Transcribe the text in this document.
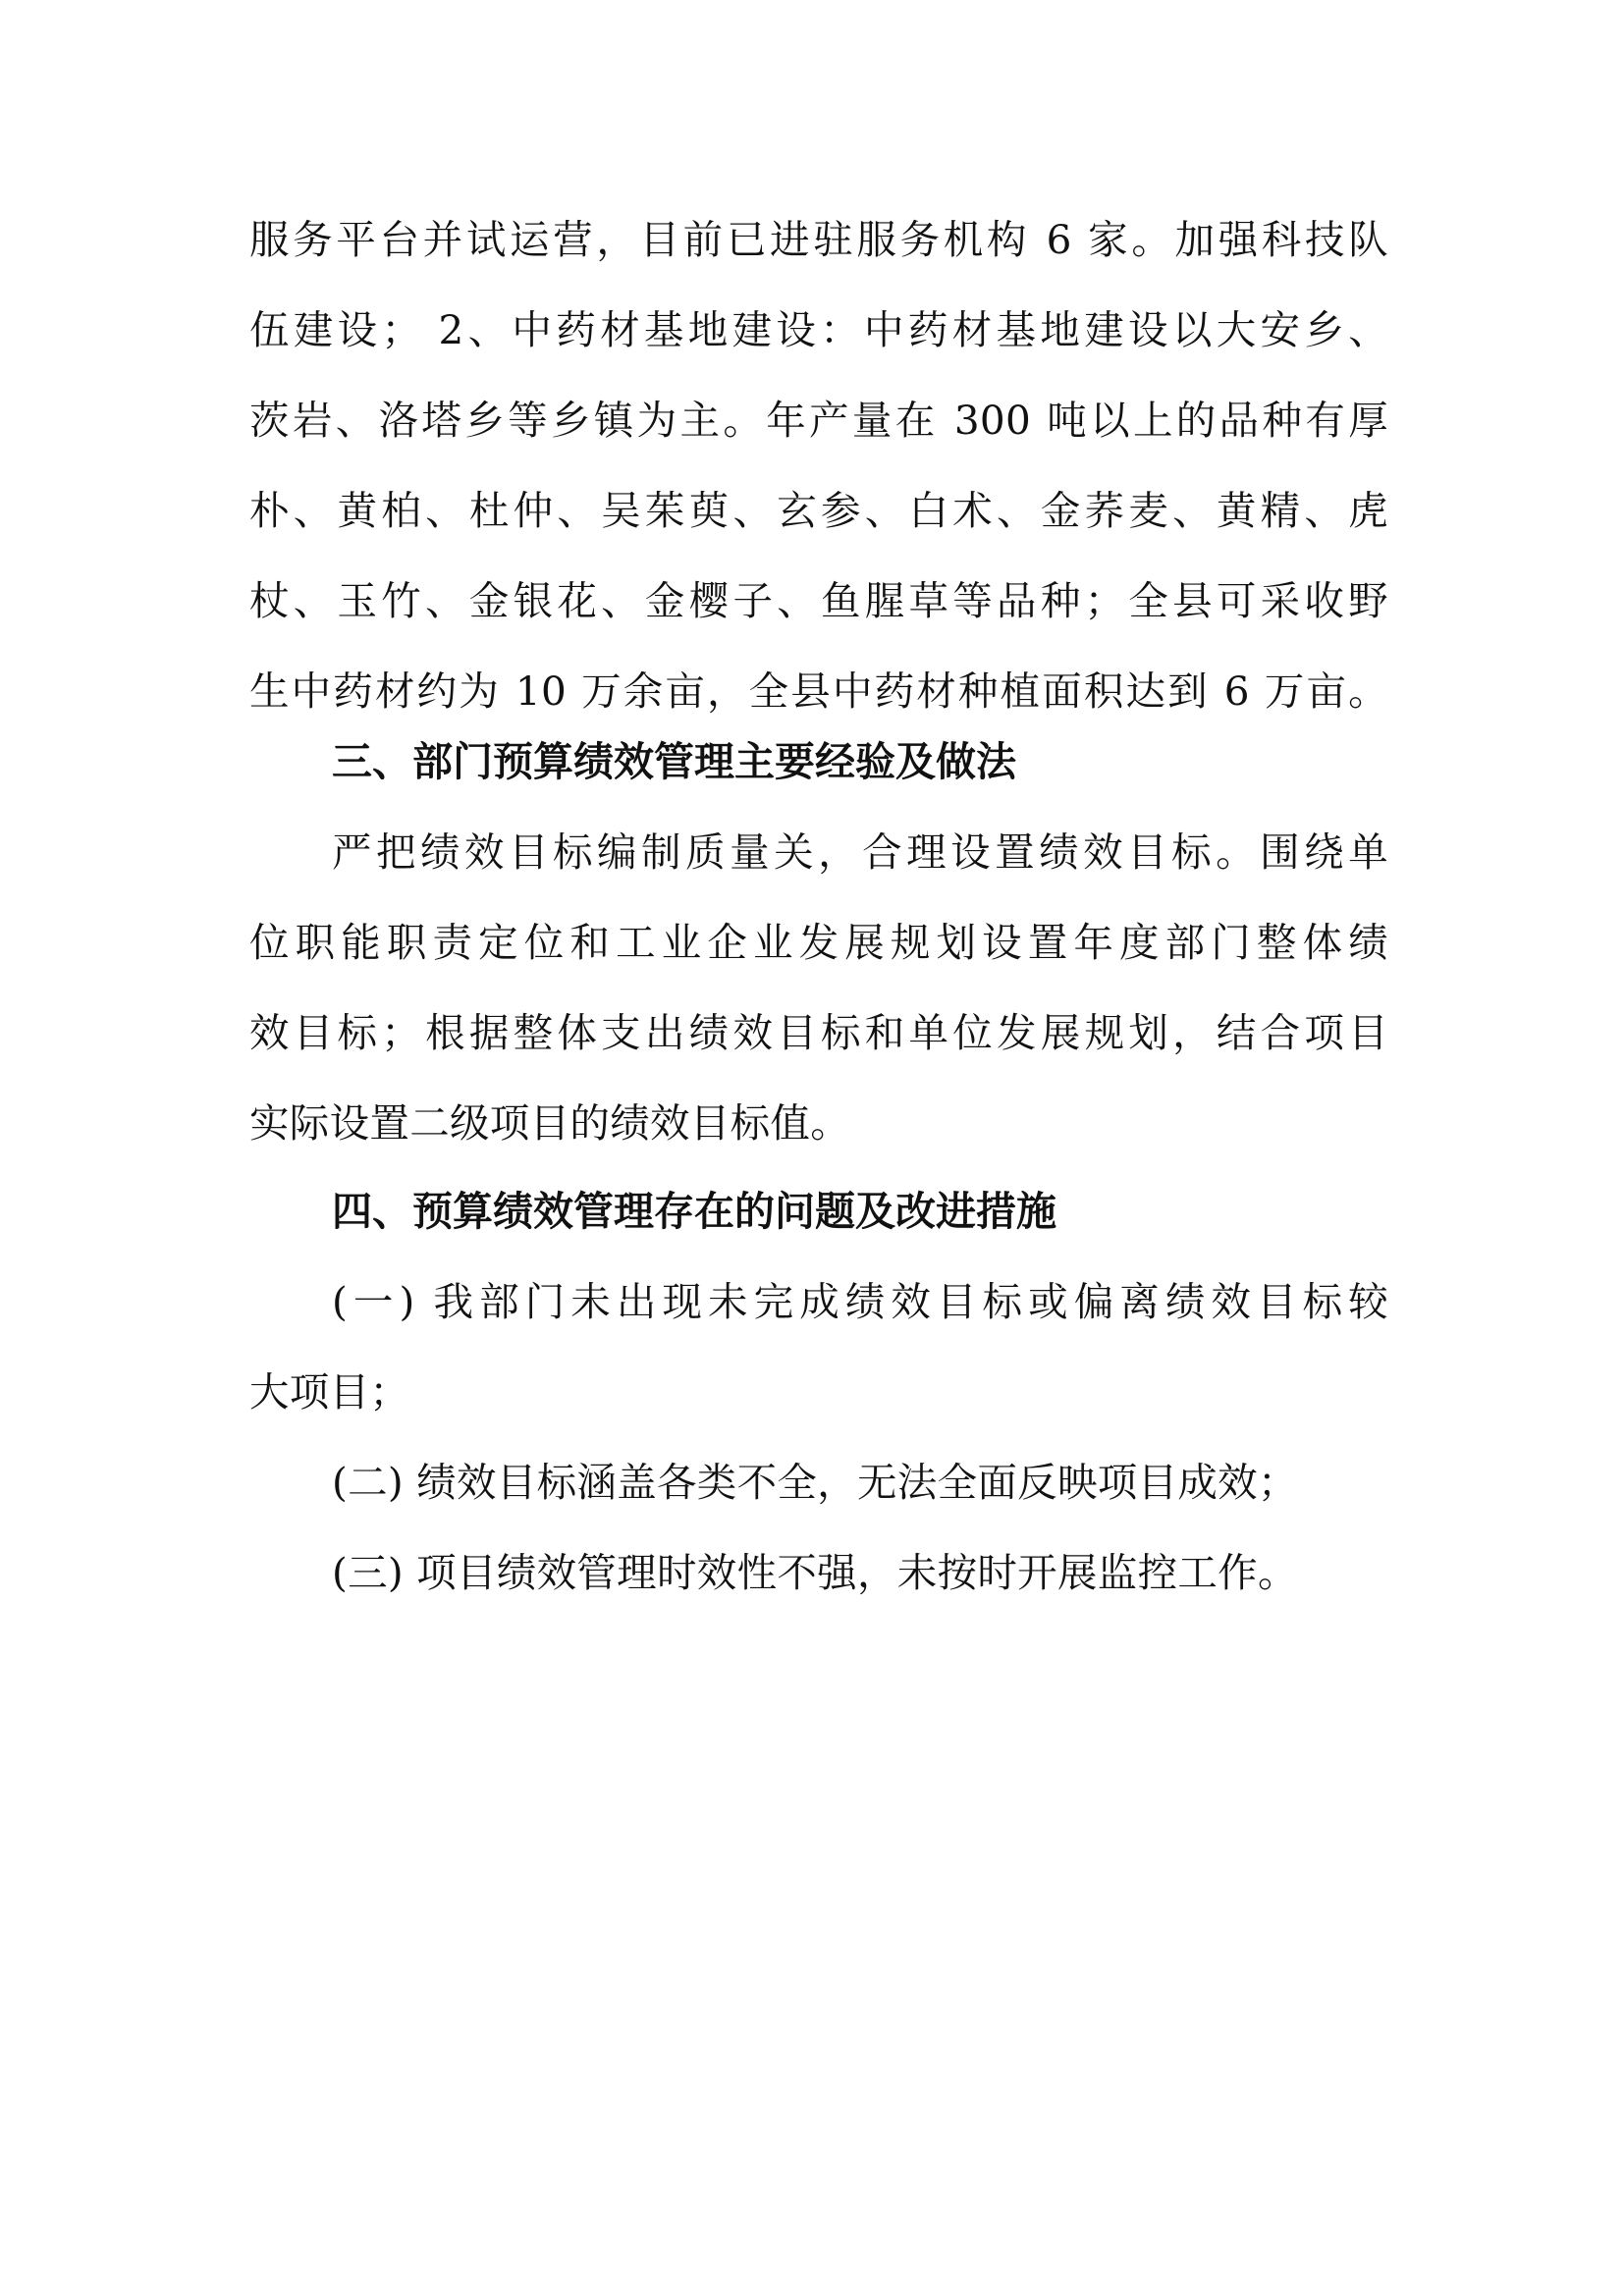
服务平台并试运营，目前已进驻服务机构 6 家。加强科技队
伍建设； 2、中药材基地建设：中药材基地建设以大安乡、
茨岩、洛塔乡等乡镇为主。年产量在 300 吨以上的品种有厚
朴、黄柏、杜仲、吴茱萸、玄参、白术、金荞麦、黄精、虎
杖、玉竹、金银花、金樱子、鱼腥草等品种；全县可采收野
生中药材约为 10 万余亩，全县中药材种植面积达到 6 万亩。
三、部门预算绩效管理主要经验及做法
严把绩效目标编制质量关，合理设置绩效目标。围绕单
位职能职责定位和工业企业发展规划设置年度部门整体绩
效目标；根据整体支出绩效目标和单位发展规划，结合项目
实际设置二级项目的绩效目标值。
四、预算绩效管理存在的问题及改进措施
(一) 我部门未出现未完成绩效目标或偏离绩效目标较
大项目；
(二) 绩效目标涵盖各类不全，无法全面反映项目成效；
(三) 项目绩效管理时效性不强，未按时开展监控工作。
